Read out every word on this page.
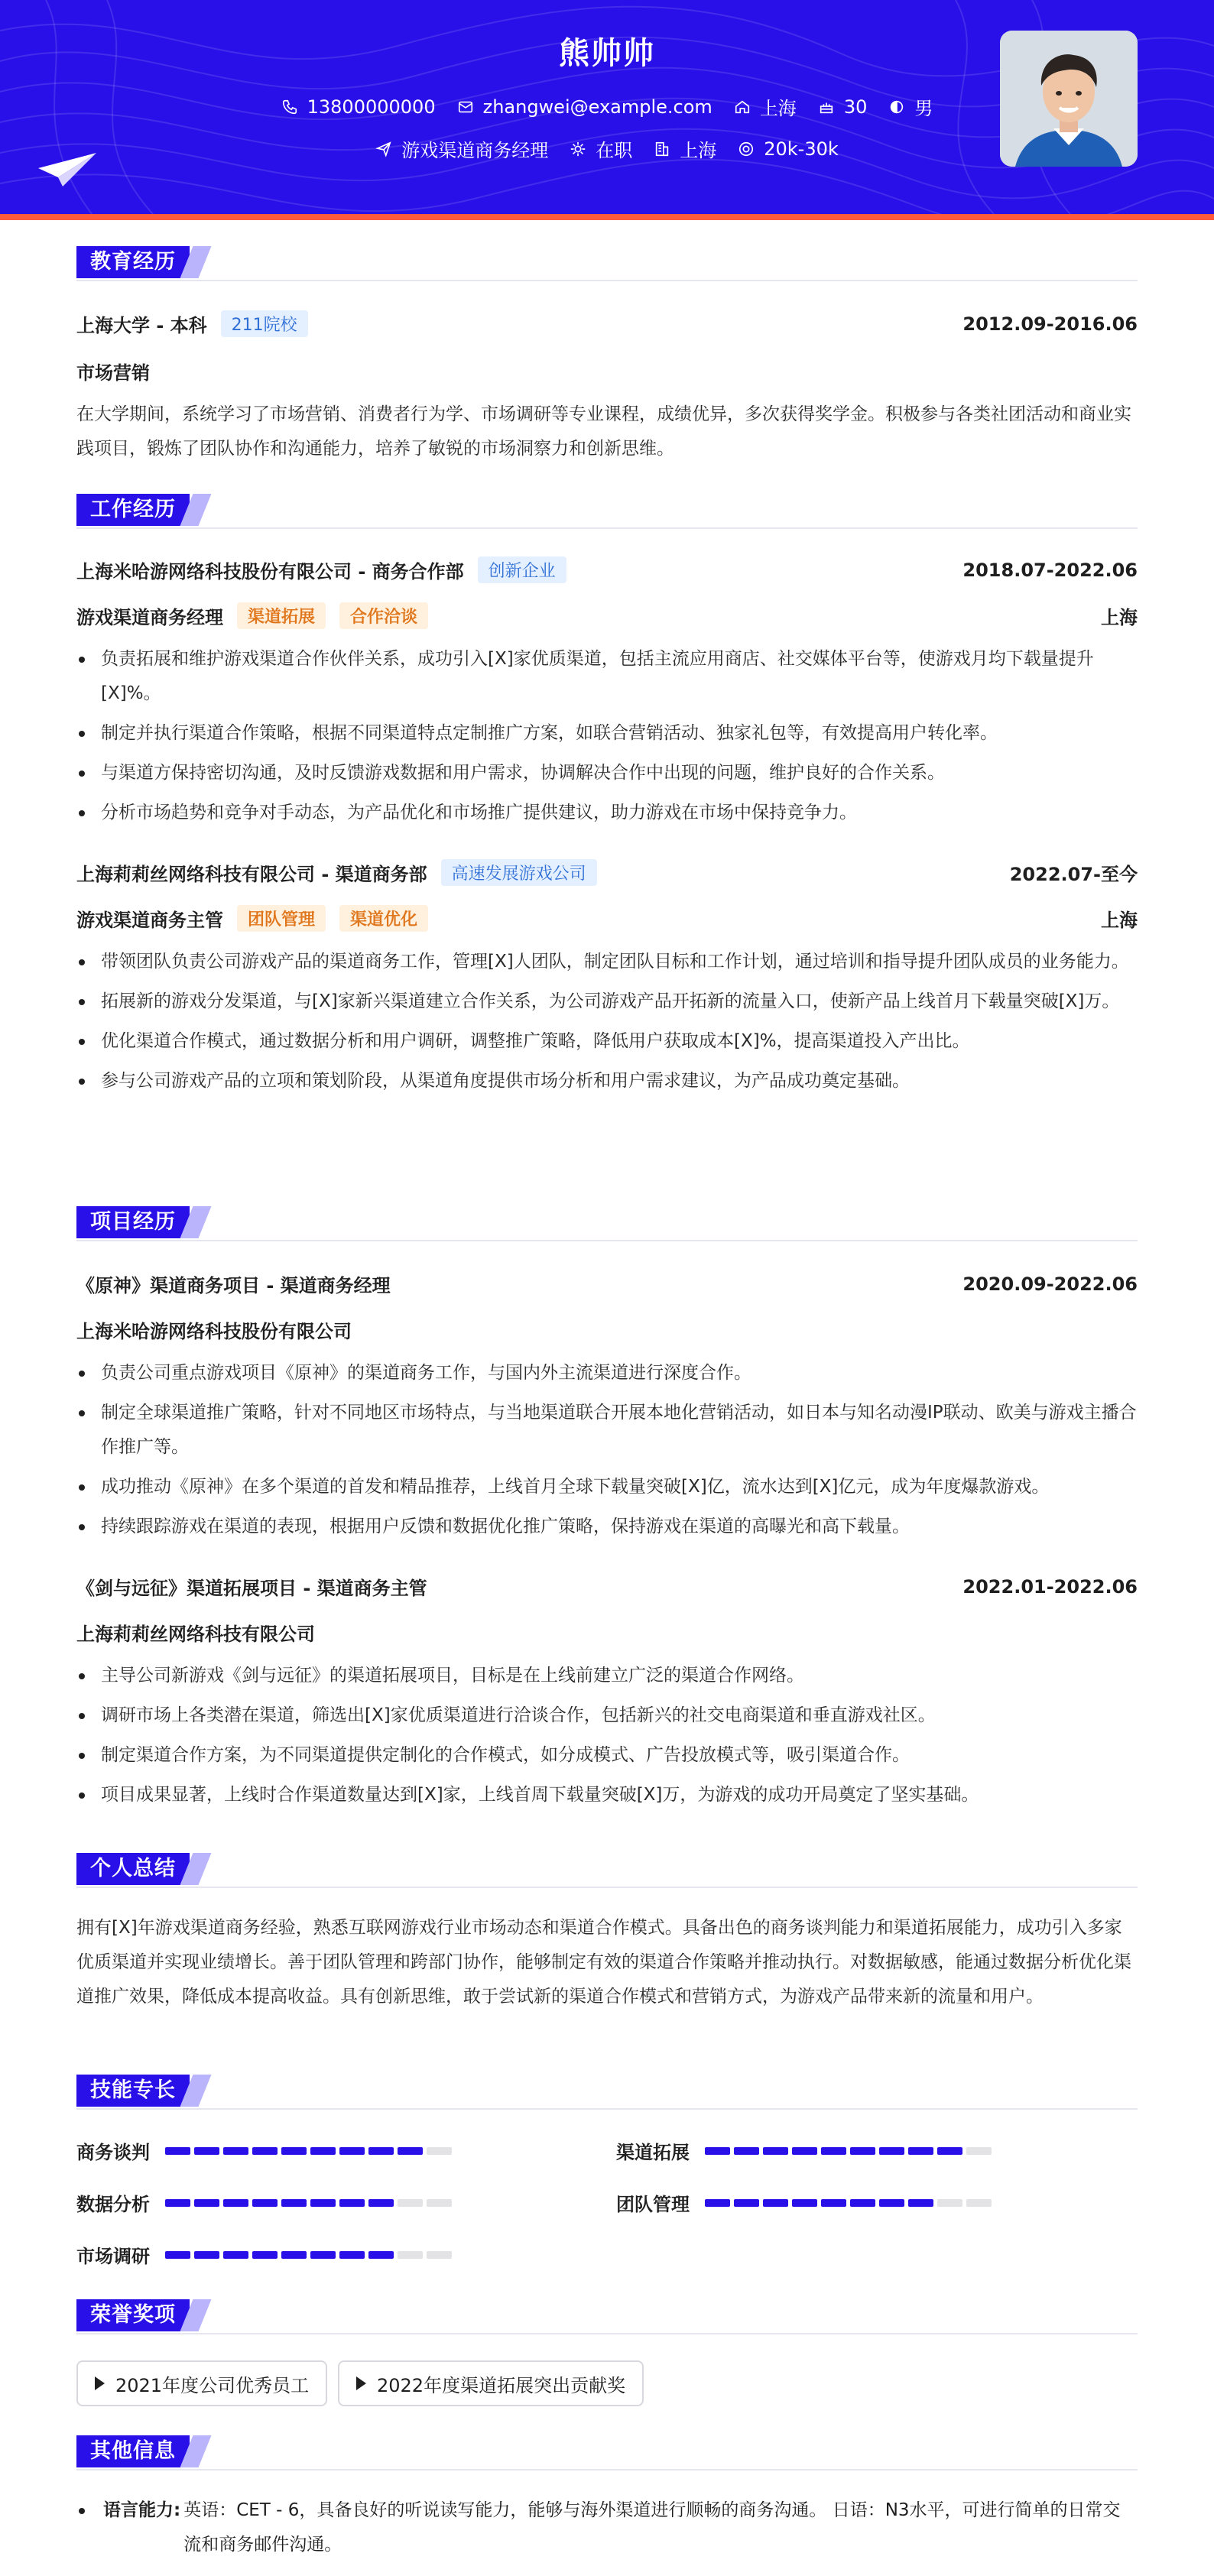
熊帅帅
13800000000	zhangwei@example.com	上海	30	男
游戏渠道商务经理	在职	上海	20k-30k
教育经历
上海大学 - 本科	211院校	2012.09-2016.06
市场营销
在大学期间，系统学习了市场营销、消费者行为学、市场调研等专业课程，成绩优异，多次获得奖学金。积极参与各类社团活动和商业实践项目，锻炼了团队协作和沟通能力，培养了敏锐的市场洞察力和创新思维。
工作经历
上海米哈游网络科技股份有限公司 - 商务合作部	创新企业	2018.07-2022.06
游戏渠道商务经理	渠道拓展	合作洽谈	上海
负责拓展和维护游戏渠道合作伙伴关系，成功引入[X]家优质渠道，包括主流应用商店、社交媒体平台等，使游戏月均下载量提升[X]%。
制定并执行渠道合作策略，根据不同渠道特点定制推广方案，如联合营销活动、独家礼包等，有效提高用户转化率。
与渠道方保持密切沟通，及时反馈游戏数据和用户需求，协调解决合作中出现的问题，维护良好的合作关系。
分析市场趋势和竞争对手动态，为产品优化和市场推广提供建议，助力游戏在市场中保持竞争力。
上海莉莉丝网络科技有限公司 - 渠道商务部	高速发展游戏公司	2022.07-至今
游戏渠道商务主管	团队管理	渠道优化	上海
带领团队负责公司游戏产品的渠道商务工作，管理[X]人团队，制定团队目标和工作计划，通过培训和指导提升团队成员的业务能力。
拓展新的游戏分发渠道，与[X]家新兴渠道建立合作关系，为公司游戏产品开拓新的流量入口，使新产品上线首月下载量突破[X]万。
优化渠道合作模式，通过数据分析和用户调研，调整推广策略，降低用户获取成本[X]%，提高渠道投入产出比。
参与公司游戏产品的立项和策划阶段，从渠道角度提供市场分析和用户需求建议，为产品成功奠定基础。
项目经历
《原神》渠道商务项目 - 渠道商务经理	2020.09-2022.06
上海米哈游网络科技股份有限公司
负责公司重点游戏项目《原神》的渠道商务工作，与国内外主流渠道进行深度合作。
制定全球渠道推广策略，针对不同地区市场特点，与当地渠道联合开展本地化营销活动，如日本与知名动漫IP联动、欧美与游戏主播合作推广等。
成功推动《原神》在多个渠道的首发和精品推荐，上线首月全球下载量突破[X]亿，流水达到[X]亿元，成为年度爆款游戏。
持续跟踪游戏在渠道的表现，根据用户反馈和数据优化推广策略，保持游戏在渠道的高曝光和高下载量。
《剑与远征》渠道拓展项目 - 渠道商务主管	2022.01-2022.06
上海莉莉丝网络科技有限公司
主导公司新游戏《剑与远征》的渠道拓展项目，目标是在上线前建立广泛的渠道合作网络。
调研市场上各类潜在渠道，筛选出[X]家优质渠道进行洽谈合作，包括新兴的社交电商渠道和垂直游戏社区。
制定渠道合作方案，为不同渠道提供定制化的合作模式，如分成模式、广告投放模式等，吸引渠道合作。
项目成果显著，上线时合作渠道数量达到[X]家，上线首周下载量突破[X]万，为游戏的成功开局奠定了坚实基础。
个人总结
拥有[X]年游戏渠道商务经验，熟悉互联网游戏行业市场动态和渠道合作模式。具备出色的商务谈判能力和渠道拓展能力，成功引入多家优质渠道并实现业绩增长。善于团队管理和跨部门协作，能够制定有效的渠道合作策略并推动执行。对数据敏感，能通过数据分析优化渠道推广效果，降低成本提高收益。具有创新思维，敢于尝试新的渠道合作模式和营销方式，为游戏产品带来新的流量和用户。
技能专长
商务谈判	渠道拓展
数据分析	团队管理
市场调研
荣誉奖项
2021年度公司优秀员工	2022年度渠道拓展突出贡献奖
其他信息
语言能力: 英语：CET - 6，具备良好的听说读写能力，能够与海外渠道进行顺畅的商务沟通。 日语：N3水平，可进行简单的日常交流和商务邮件沟通。
